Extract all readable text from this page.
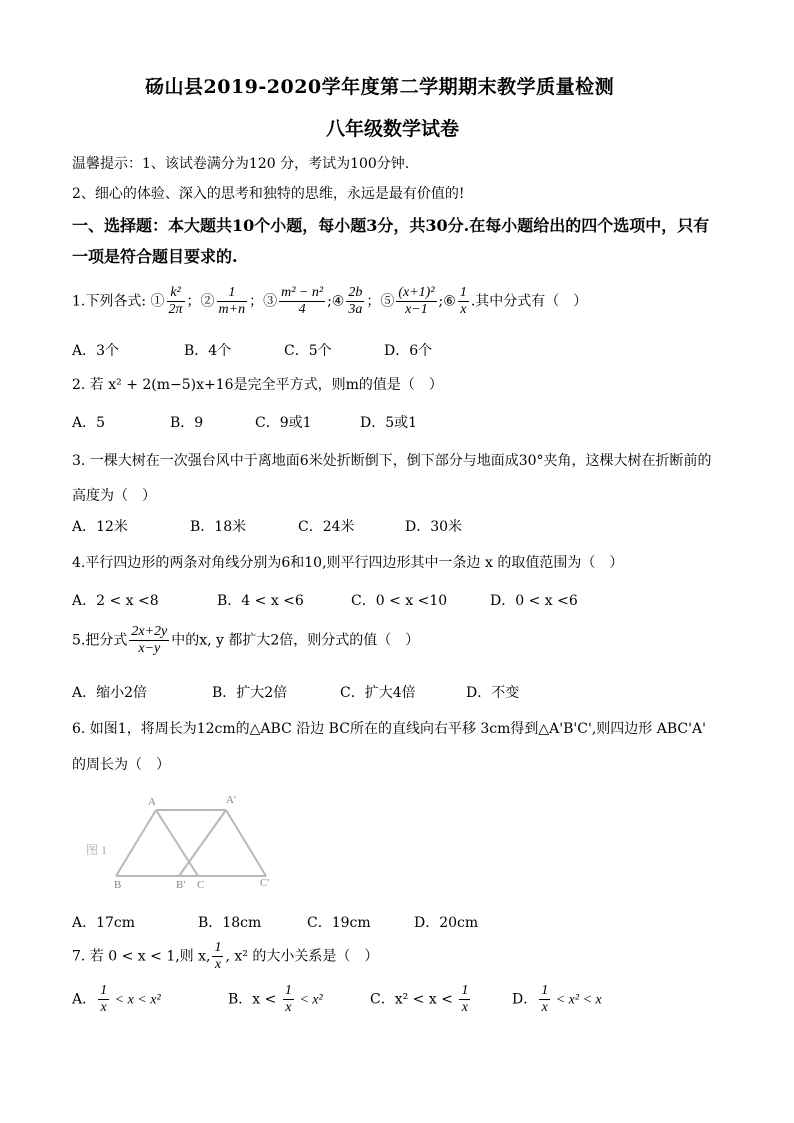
砀山县2019-2020学年度第二学期期末教学质量检测
八年级数学试卷
温馨提示：1、该试卷满分为120 分，考试为100分钟.
2、细心的体验、深入的思考和独特的思维，永远是最有价值的!
一、选择题：本大题共10个小题，每小题3分，共30分.在每小题给出的四个选项中，只有
一项是符合题目要求的.
1.下列各式: ① $\frac{\text{k²}}{2\pi}$ ；② $\frac{1}{m+n}$ ；③ $\frac{\text{m² − n²}}{4}$ ;④ $\frac{2b}{3a}$ ；⑤ $\frac{\text{(x+1)²}}{x-1}$ ;⑥ $\frac{1}{x}$ .其中分式有（　）
A．3个	B．4个	C．5个	D．6个
2. 若 x² + 2(m−5)x+16是完全平方式，则m的值是（　）
A．5	B．9	C．9或1	D．5或1
3. 一棵大树在一次强台风中于离地面6米处折断倒下，倒下部分与地面成30°夹角，这棵大树在折断前的
高度为（　）
A．12米	B．18米	C．24米	D．30米
4.平行四边形的两条对角线分别为6和10,则平行四边形其中一条边 x 的取值范围为（　）
A．2 < x <8	B．4 < x <6	C．0 < x <10	D．0 < x <6
5.把分式 $\frac{2x+2y}{x-y}$ 中的x, y 都扩大2倍，则分式的值（　）
A．缩小2倍	B．扩大2倍	C．扩大4倍	D．不变
6. 如图1，将周长为12cm的△ABC 沿边 BC所在的直线向右平移 3cm得到△A'B'C',则四边形 ABC'A'
的周长为（　）
图 1
A	A'
B	B' C	C'
A．17cm	B．18cm	C．19cm	D．20cm
7. 若 0 < x < 1,则 x, $\frac{1}{x}$ , x² 的大小关系是（　）
A． $\frac{1}{x} < x < x^2$	B．$x < \frac{1}{x} < x^2$	C．$x^2 < x < \frac{1}{x}$	D． $\frac{1}{x} < x^2 < x$
